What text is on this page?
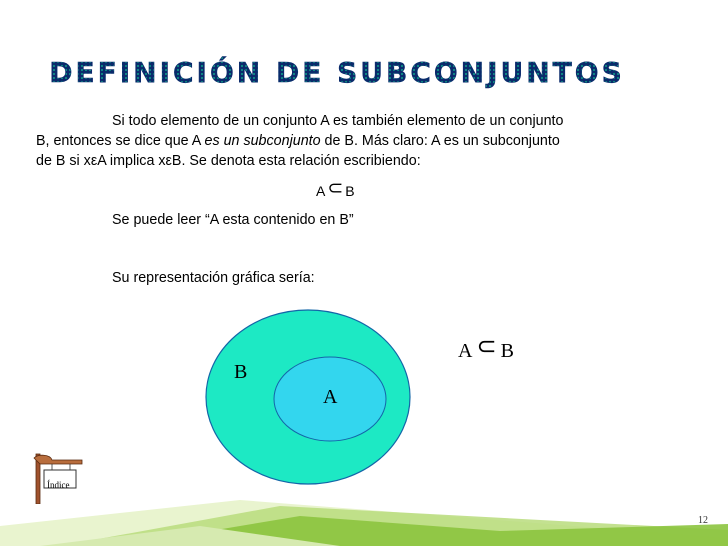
DEFINICIÓN DE SUBCONJUNTOS

Si todo elemento de un conjunto A es también elemento de un conjunto

B, entonces se dice que A es un subconjunto de B. Más claro: A es un subconjunto

de B si xεA implica xεB. Se denota esta relación escribiendo:

A ⊂ B
Se puede leer “A esta contenido en B”
Su representación gráfica sería:
B
A
A ⊂ B
Índice
12
